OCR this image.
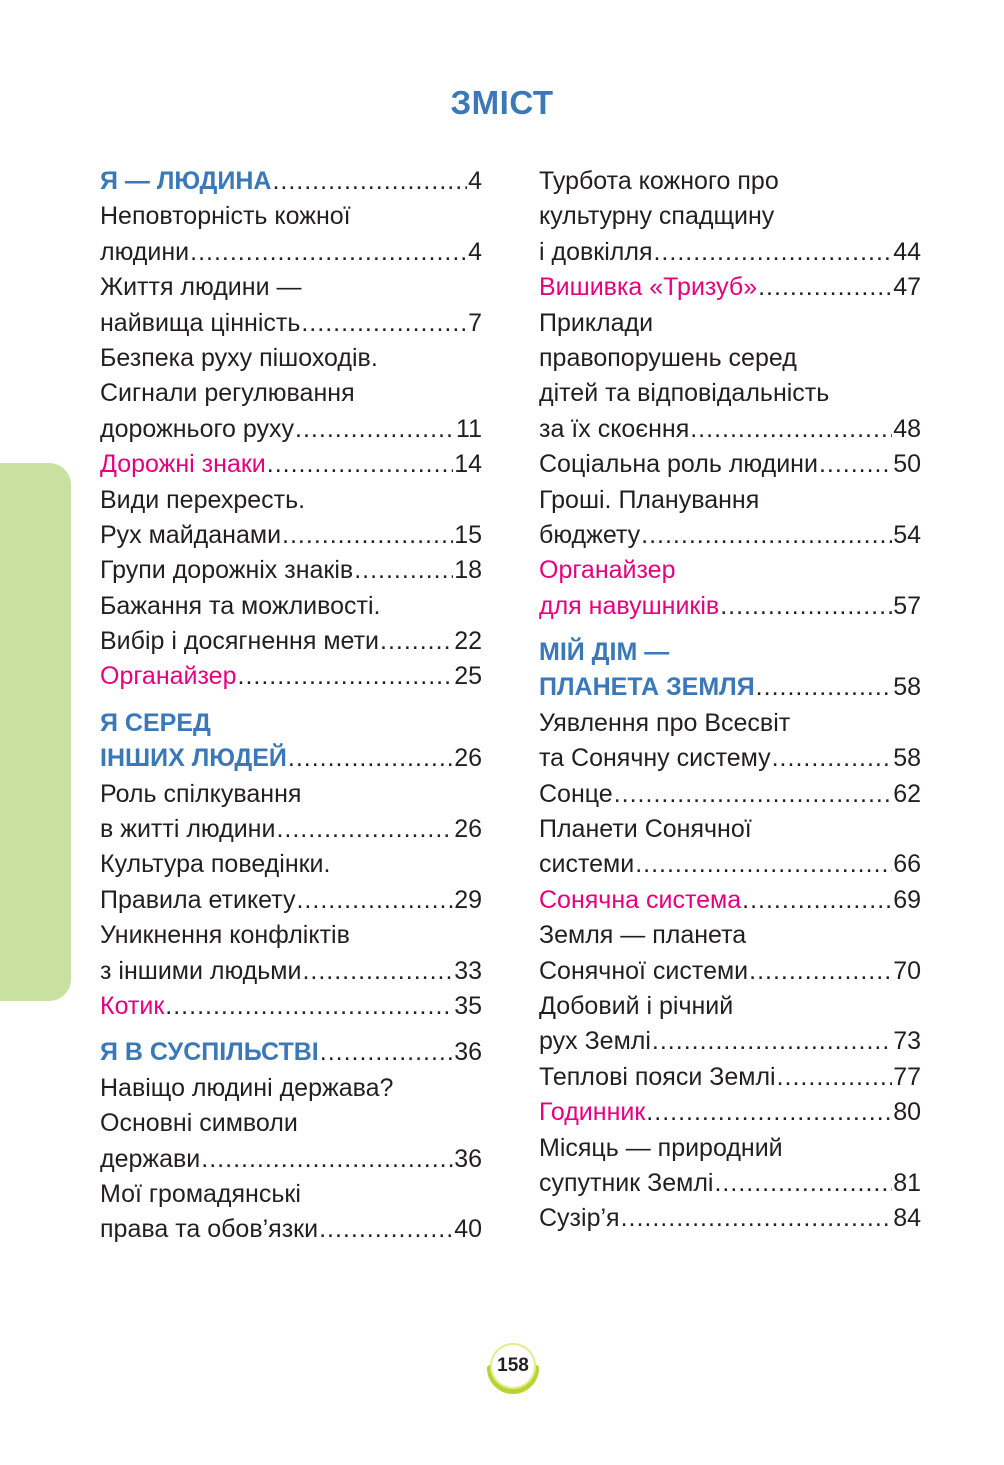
ЗМІСТ
Я — ЛЮДИНА .....	4
Неповторність кожної
людини .....	4
Життя людини —
найвища цінність .....	7
Безпека руху пішоходів.
Сигнали регулювання
дорожнього руху .....	11
Дорожні знаки .....	14
Види перехресть.
Рух майданами .....	15
Групи дорожніх знаків .....	18
Бажання та можливості.
Вибір і досягнення мети .....	22
Органайзер .....	25
Я СЕРЕД
ІНШИХ ЛЮДЕЙ .....	26
Роль спілкування
в житті людини .....	26
Культура поведінки.
Правила етикету .....	29
Уникнення конфліктів
з іншими людьми .....	33
Котик .....	35
Я В СУСПІЛЬСТВІ .....	36
Навіщо людині держава?
Основні символи
держави .....	36
Мої громадянські
права та обов’язки .....	40
Турбота кожного про
культурну спадщину
і довкілля .....	44
Вишивка «Тризуб» .....	47
Приклади
правопорушень серед
дітей та відповідальність
за їх скоєння .....	48
Соціальна роль людини .....	50
Гроші. Планування
бюджету .....	54
Органайзер
для навушників .....	57
МІЙ ДІМ —
ПЛАНЕТА ЗЕМЛЯ .....	58
Уявлення про Всесвіт
та Сонячну систему .....	58
Сонце .....	62
Планети Сонячної
системи .....	66
Сонячна система .....	69
Земля — планета
Сонячної системи .....	70
Добовий і річний
рух Землі .....	73
Теплові пояси Землі .....	77
Годинник .....	80
Місяць — природний
супутник Землі .....	81
Сузір’я .....	84
158
